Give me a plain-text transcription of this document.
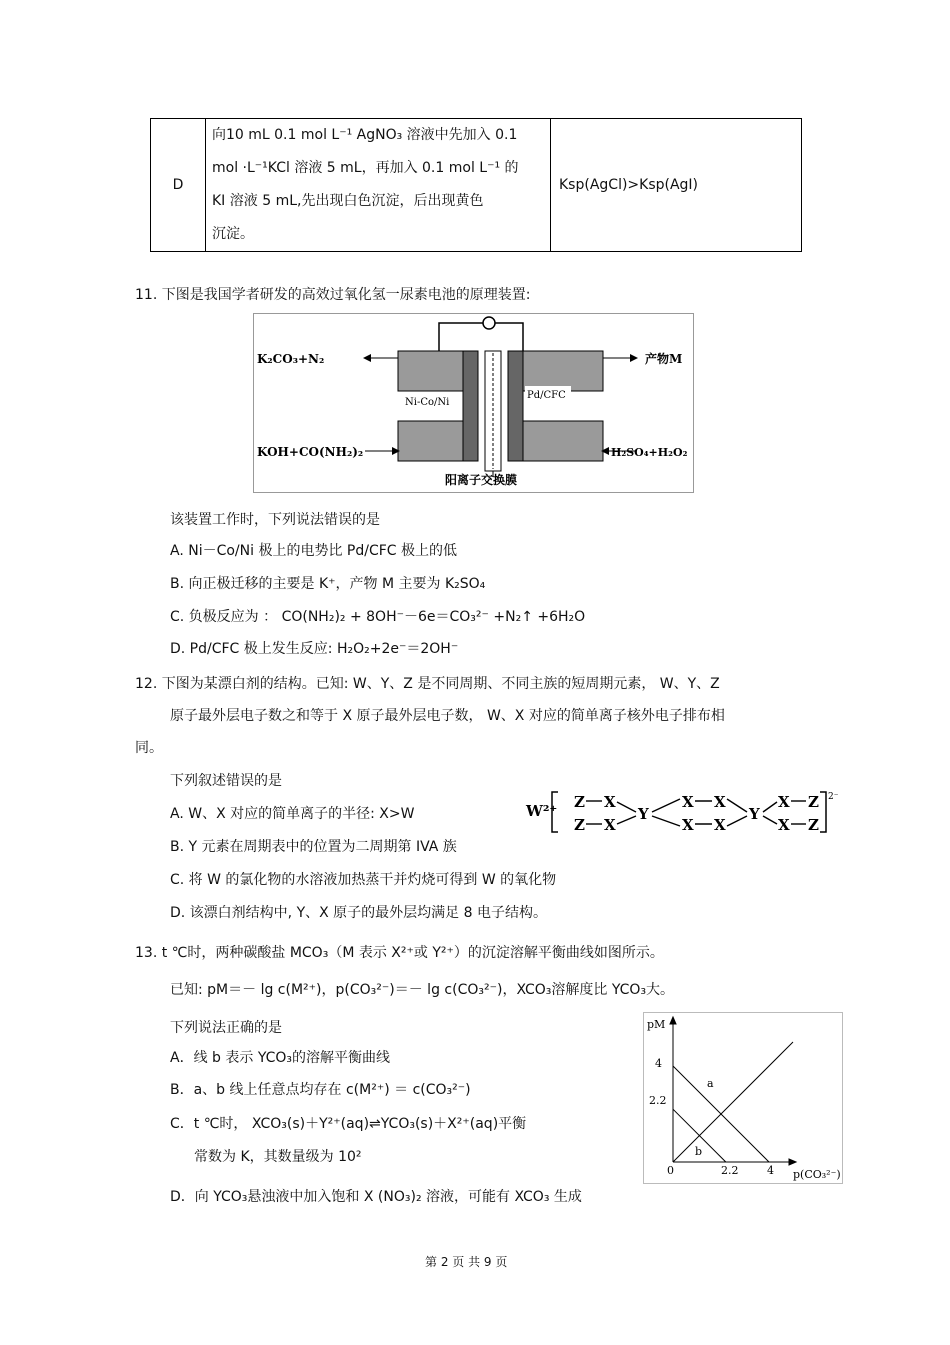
D	
向10 mL 0.1 mol L⁻¹ AgNO₃ 溶液中先加入 0.1
mol ·L⁻¹KCl 溶液 5 mL，再加入 0.1 mol L⁻¹ 的
KI 溶液 5 mL,先出现白色沉淀，后出现黄色
沉淀。
	Ksp(AgCl)>Ksp(AgI)
11. 下图是我国学者研发的高效过氧化氢一尿素电池的原理装置:
K₂CO₃+N₂
KOH+CO(NH₂)₂
产物M
H₂SO₄+H₂O₂
Ni-Co/Ni
Pd/CFC
阳离子交换膜
该装置工作时，下列说法错误的是
A. Ni－Co/Ni 极上的电势比 Pd/CFC 极上的低
B. 向正极迁移的主要是 K⁺，产物 M 主要为 K₂SO₄
C. 负极反应为 ： CO(NH₂)₂ + 8OH⁻－6e＝CO₃²⁻ +N₂↑ +6H₂O
D. Pd/CFC 极上发生反应: H₂O₂+2e⁻＝2OH⁻
12. 下图为某漂白剂的结构。已知: W、Y、Z 是不同周期、不同主族的短周期元素， W、Y、Z
原子最外层电子数之和等于 X 原子最外层电子数， W、X 对应的简单离子核外电子排布相
同。
下列叙述错误的是
A. W、X 对应的简单离子的半径: X>W
B. Y 元素在周期表中的位置为二周期第 IVA 族
C. 将 W 的氯化物的水溶液加热蒸干并灼烧可得到 W 的氧化物
D. 该漂白剂结构中, Y、X 原子的最外层均满足 8 电子结构。
W²⁺
2⁻
Z
Z
X
X
Y
X X
X X
Y
X Z
X Z
13. t ℃时，两种碳酸盐 MCO₃（M 表示 X²⁺或 Y²⁺）的沉淀溶解平衡曲线如图所示。
已知: pM＝－ lg c(M²⁺)，p(CO₃²⁻)＝－ lg c(CO₃²⁻)，XCO₃溶解度比 YCO₃大。
下列说法正确的是
A．线 b 表示 YCO₃的溶解平衡曲线
B．a、b 线上任意点均存在 c(M²⁺) ＝ c(CO₃²⁻)
C．t ℃时， XCO₃(s)＋Y²⁺(aq)⇌YCO₃(s)＋X²⁺(aq)平衡
常数为 K，其数量级为 10²
D．向 YCO₃悬浊液中加入饱和 X (NO₃)₂ 溶液，可能有 XCO₃ 生成
pM
p(CO₃²⁻)
4
2.2
0	2.2	4
a
b
第 2 页 共 9 页
